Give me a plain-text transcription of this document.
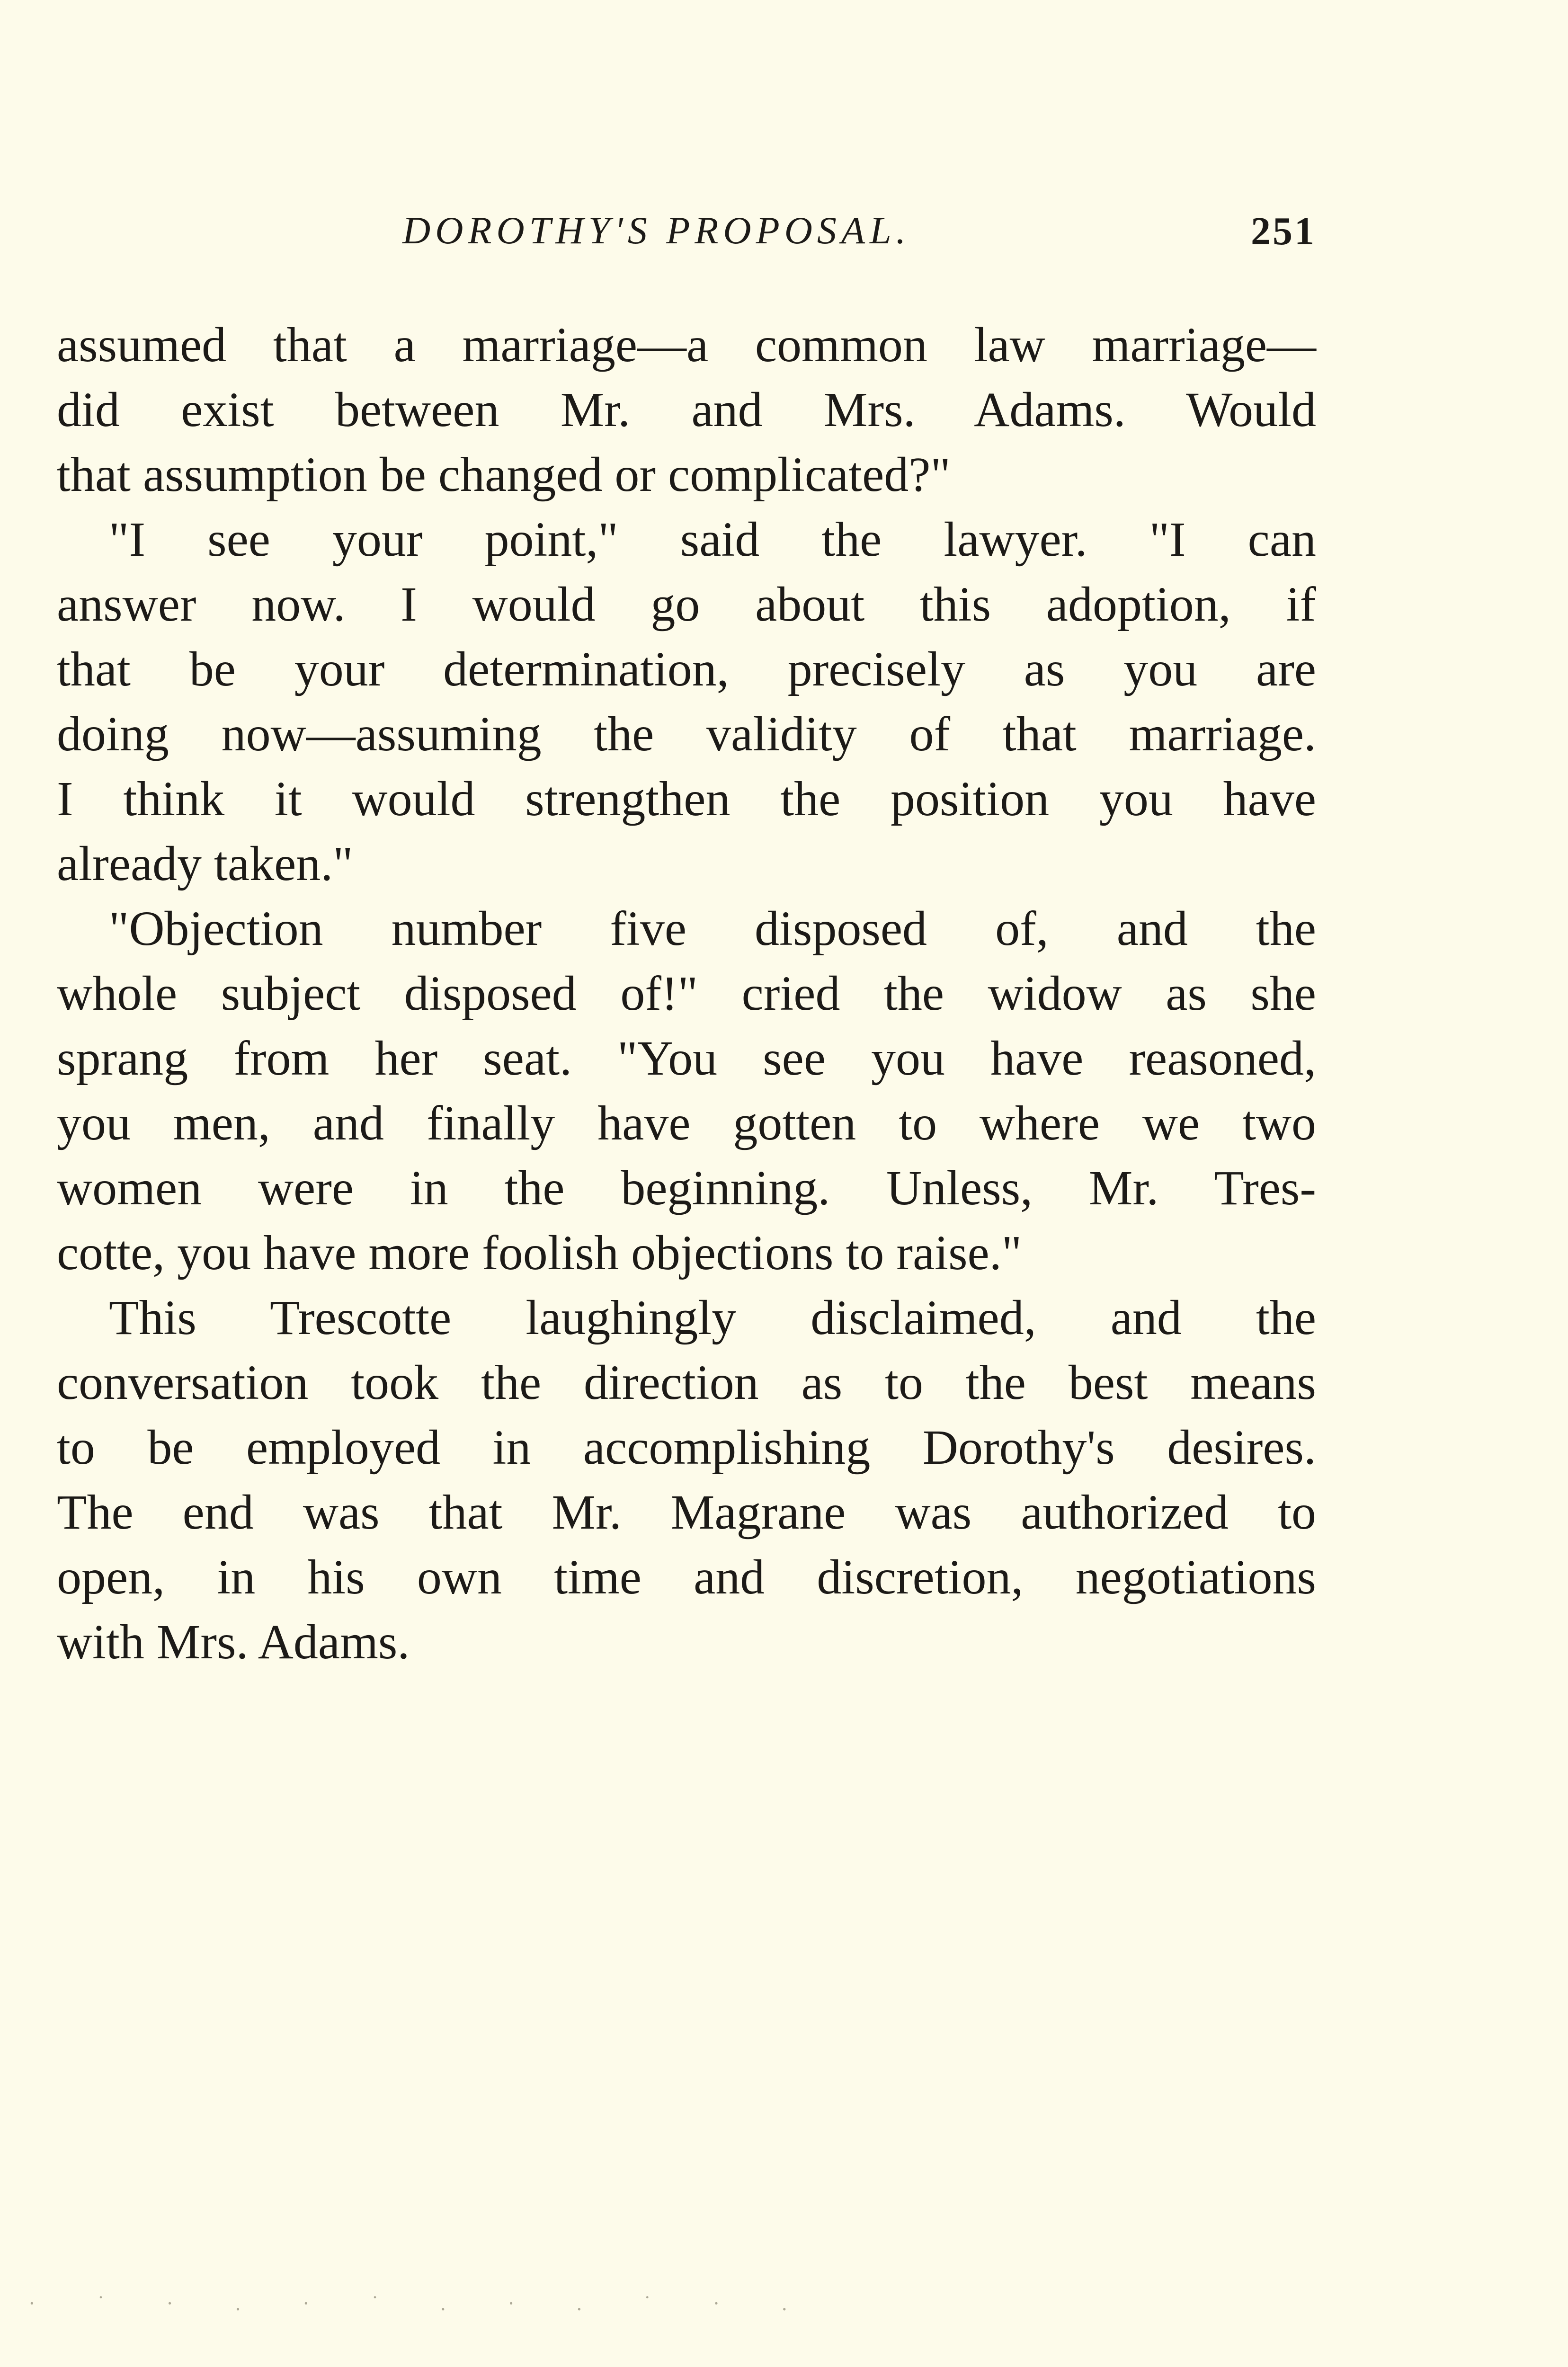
DOROTHY'S PROPOSAL.	251
assumed that a marriage—a common law marriage—
did exist between Mr. and Mrs. Adams. Would
that assumption be changed or complicated?"
"I see your point," said the lawyer. "I can
answer now. I would go about this adoption, if
that be your determination, precisely as you are
doing now—assuming the validity of that marriage.
I think it would strengthen the position you have
already taken."
"Objection number five disposed of, and the
whole subject disposed of!" cried the widow as she
sprang from her seat. "You see you have reasoned,
you men, and finally have gotten to where we two
women were in the beginning. Unless, Mr. Tres-
cotte, you have more foolish objections to raise."
This Trescotte laughingly disclaimed, and the
conversation took the direction as to the best means
to be employed in accomplishing Dorothy's desires.
The end was that Mr. Magrane was authorized to
open, in his own time and discretion, negotiations
with Mrs. Adams.
· ˙ · . · ˙ . · . ˙ · .
